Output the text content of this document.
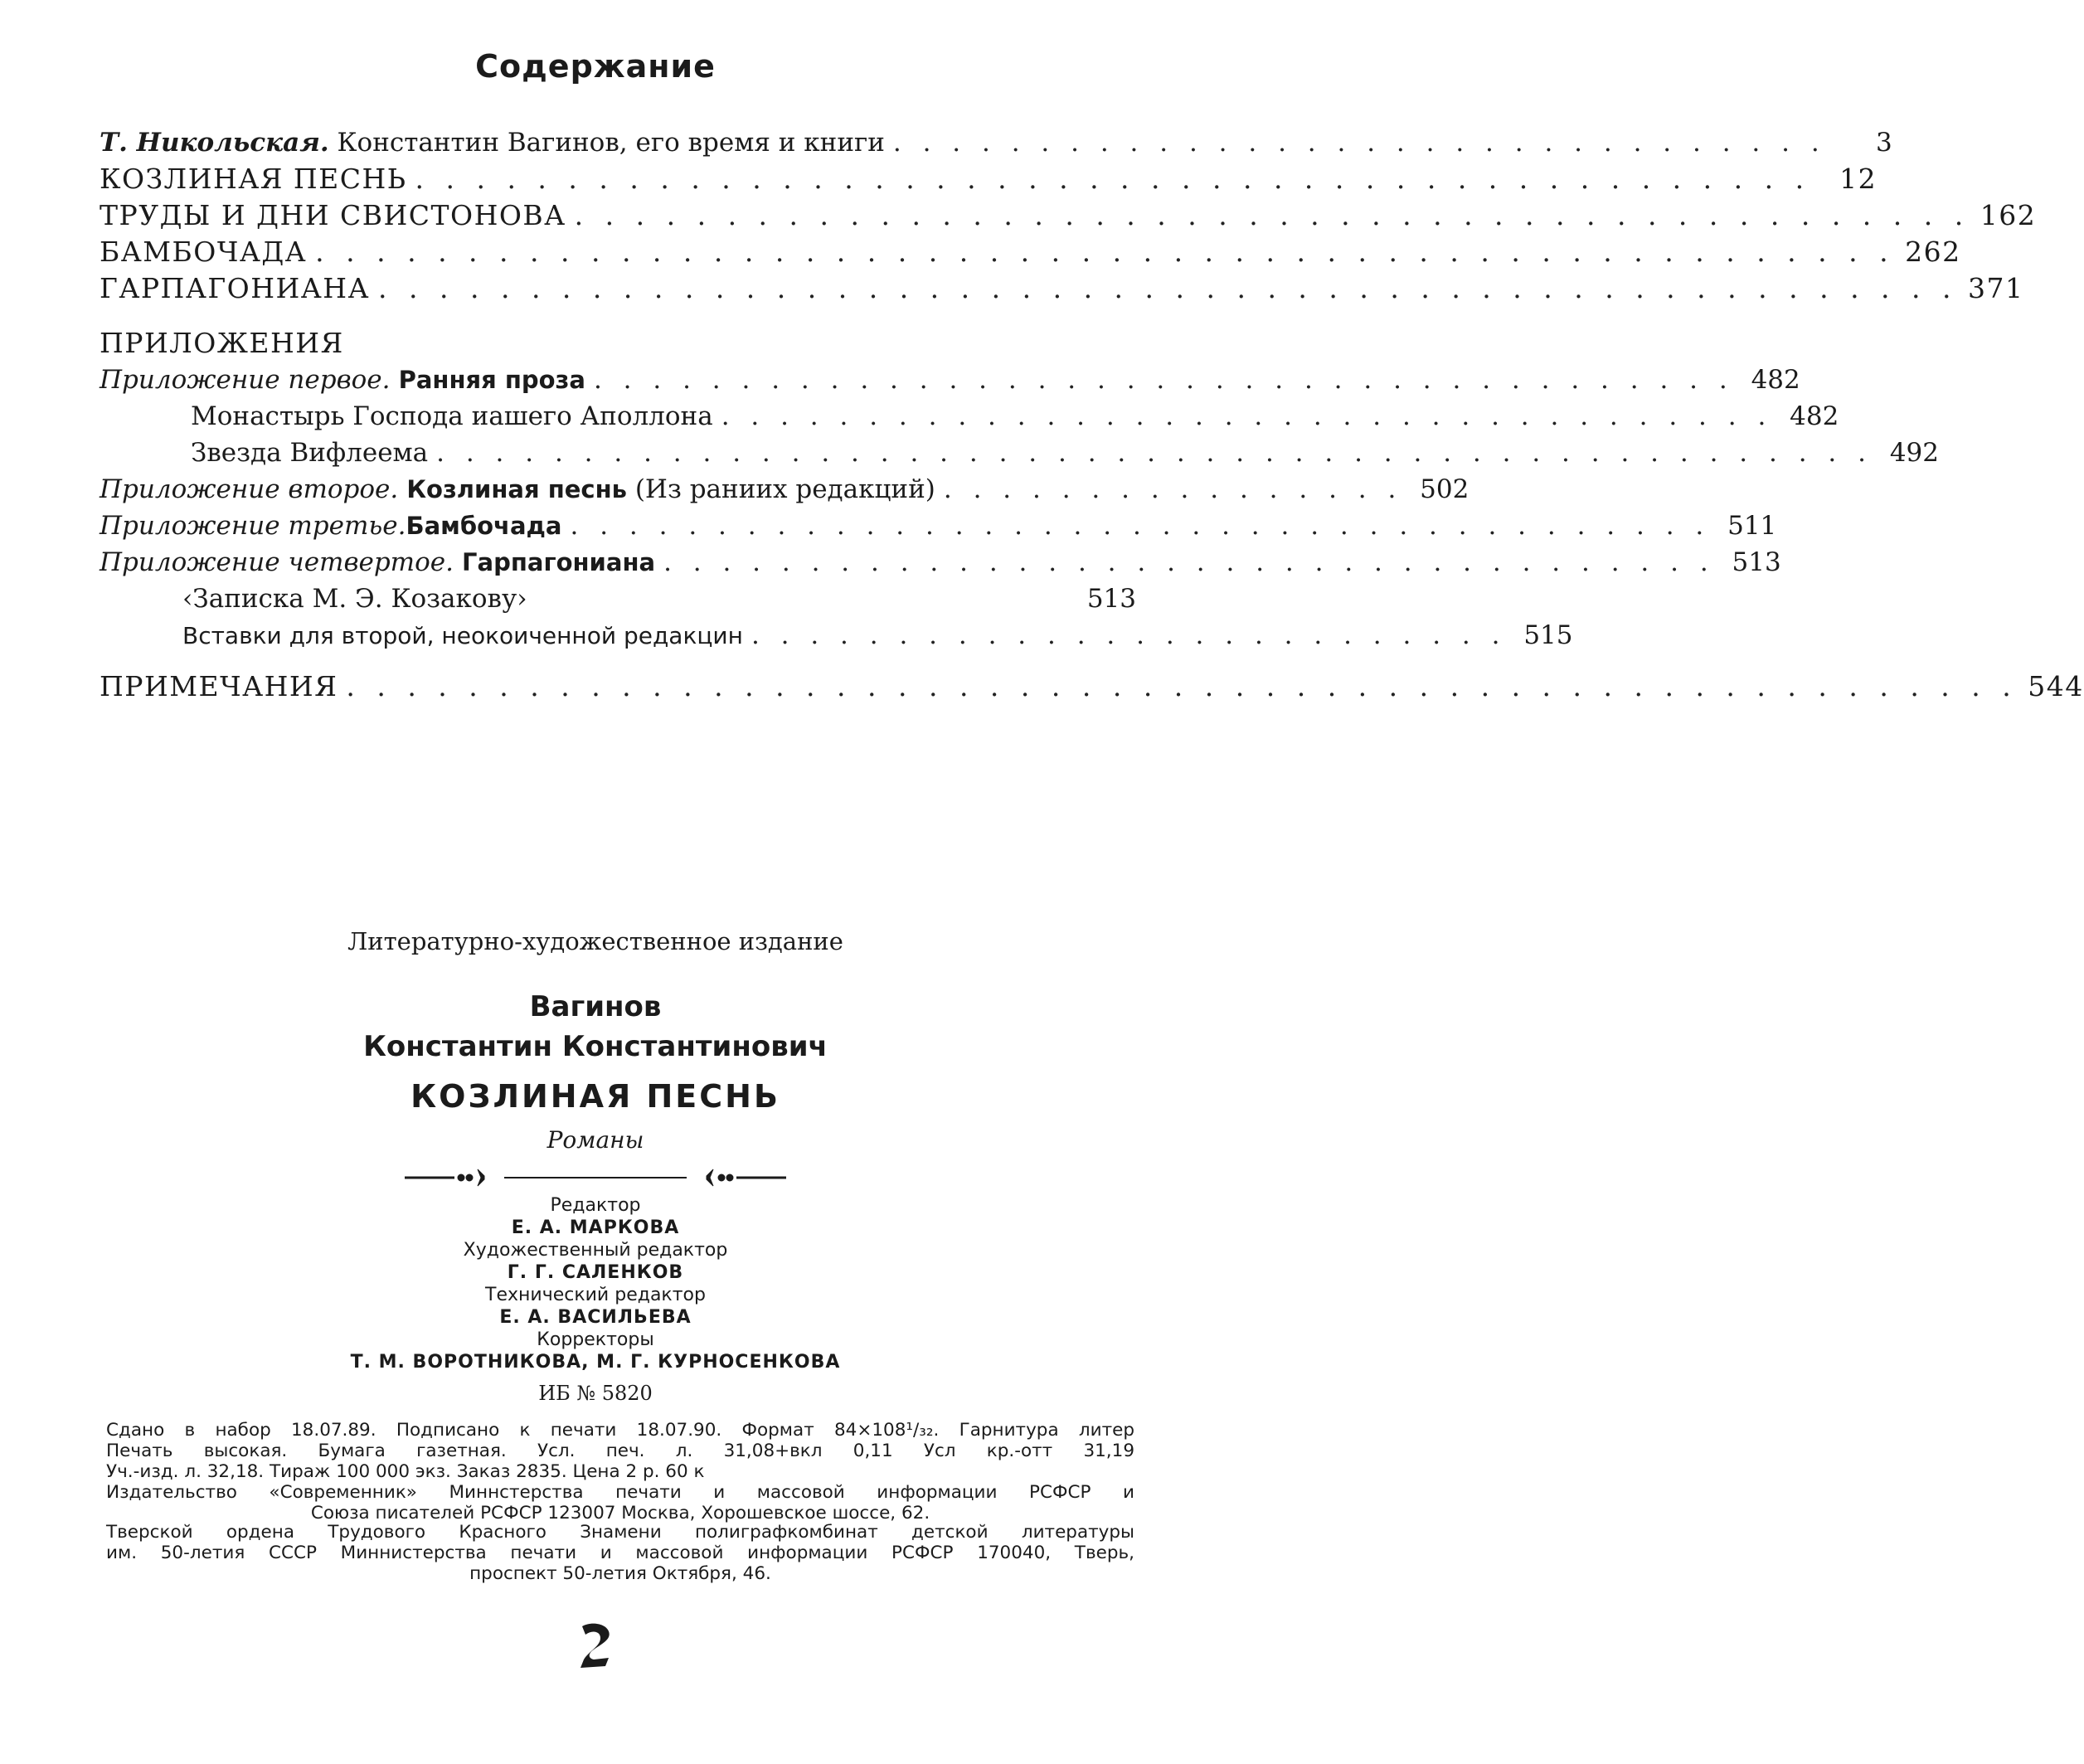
Содержание
Т. Никольская. Константин Вагинов, его время и книги . . . . . . . . . . . . . . . . . . . . . . . . . . . . . . . .	3
КОЗЛИНАЯ ПЕСНЬ . . . . . . . . . . . . . . . . . . . . . . . . . . . . . . . . . . . . . . . . . . . . . .	12
ТРУДЫ И ДНИ СВИСТОНОВА . . . . . . . . . . . . . . . . . . . . . . . . . . . . . . . . . . . . . . . . . . . . . . 162
БАМБОЧАДА . . . . . . . . . . . . . . . . . . . . . . . . . . . . . . . . . . . . . . . . . . . . . . . . . . . . 262
ГАРПАГОНИАНА . . . . . . . . . . . . . . . . . . . . . . . . . . . . . . . . . . . . . . . . . . . . . . . . . . . . 371
ПРИЛОЖЕНИЯ
Приложение первое. Ранняя проза . . . . . . . . . . . . . . . . . . . . . . . . . . . . . . . . . . . . . . . 482
Монастырь Господа иашего Аполлона . . . . . . . . . . . . . . . . . . . . . . . . . . . . . . . . . . . . 482
Звезда Вифлеема . . . . . . . . . . . . . . . . . . . . . . . . . . . . . . . . . . . . . . . . . . . . . . . . . 492
Приложение второе. Козлиная песнь (Из раниих редакций) . . . . . . . . . . . . . . . . 502
Приложение третье.Бамбочада . . . . . . . . . . . . . . . . . . . . . . . . . . . . . . . . . . . . . . . 511
Приложение четвертое. Гарпагониана . . . . . . . . . . . . . . . . . . . . . . . . . . . . . . . . . . . . 513
‹Записка М. Э. Козакову›	513
Вставки для второй, неокоиченной редакцин . . . . . . . . . . . . . . . . . . . . . . . . . . 515
ПРИМЕЧАНИЯ . . . . . . . . . . . . . . . . . . . . . . . . . . . . . . . . . . . . . . . . . . . . . . . . . . . . . . . 544
Литературно-художественное издание
Вагинов
Константин Константинович
КОЗЛИНАЯ ПЕСНЬ
Романы
Редактор
Е. А. МАРКОВА
Художественный редактор
Г. Г. САЛЕНКОВ
Технический редактор
Е. А. ВАСИЛЬЕВА
Корректоры
Т. М. ВОРОТНИКОВА, М. Г. КУРНОСЕНКОВА
ИБ № 5820

Сдано в набор 18.07.89. Подписано к печати 18.07.90. Формат 84×108¹/₃₂. Гарнитура литер

Печать высокая. Бумага газетная. Усл. печ. л. 31,08+вкл 0,11 Усл кр.-отт 31,19

Уч.-изд. л. 32,18. Тираж 100 000 экз. Заказ 2835. Цена 2 р. 60 к

Издательство «Современник» Миннстерства печати и массовой информации РСФСР и

Союза писателей РСФСР 123007 Москва, Хорошевское шоссе, 62.

Тверской ордена Трудового Красного Знамени полиграфкомбинат детской литературы

им. 50-летия СССР Миннистерства печати и массовой информации РСФСР 170040, Тверь,

проспект 50-летия Октября, 46.
